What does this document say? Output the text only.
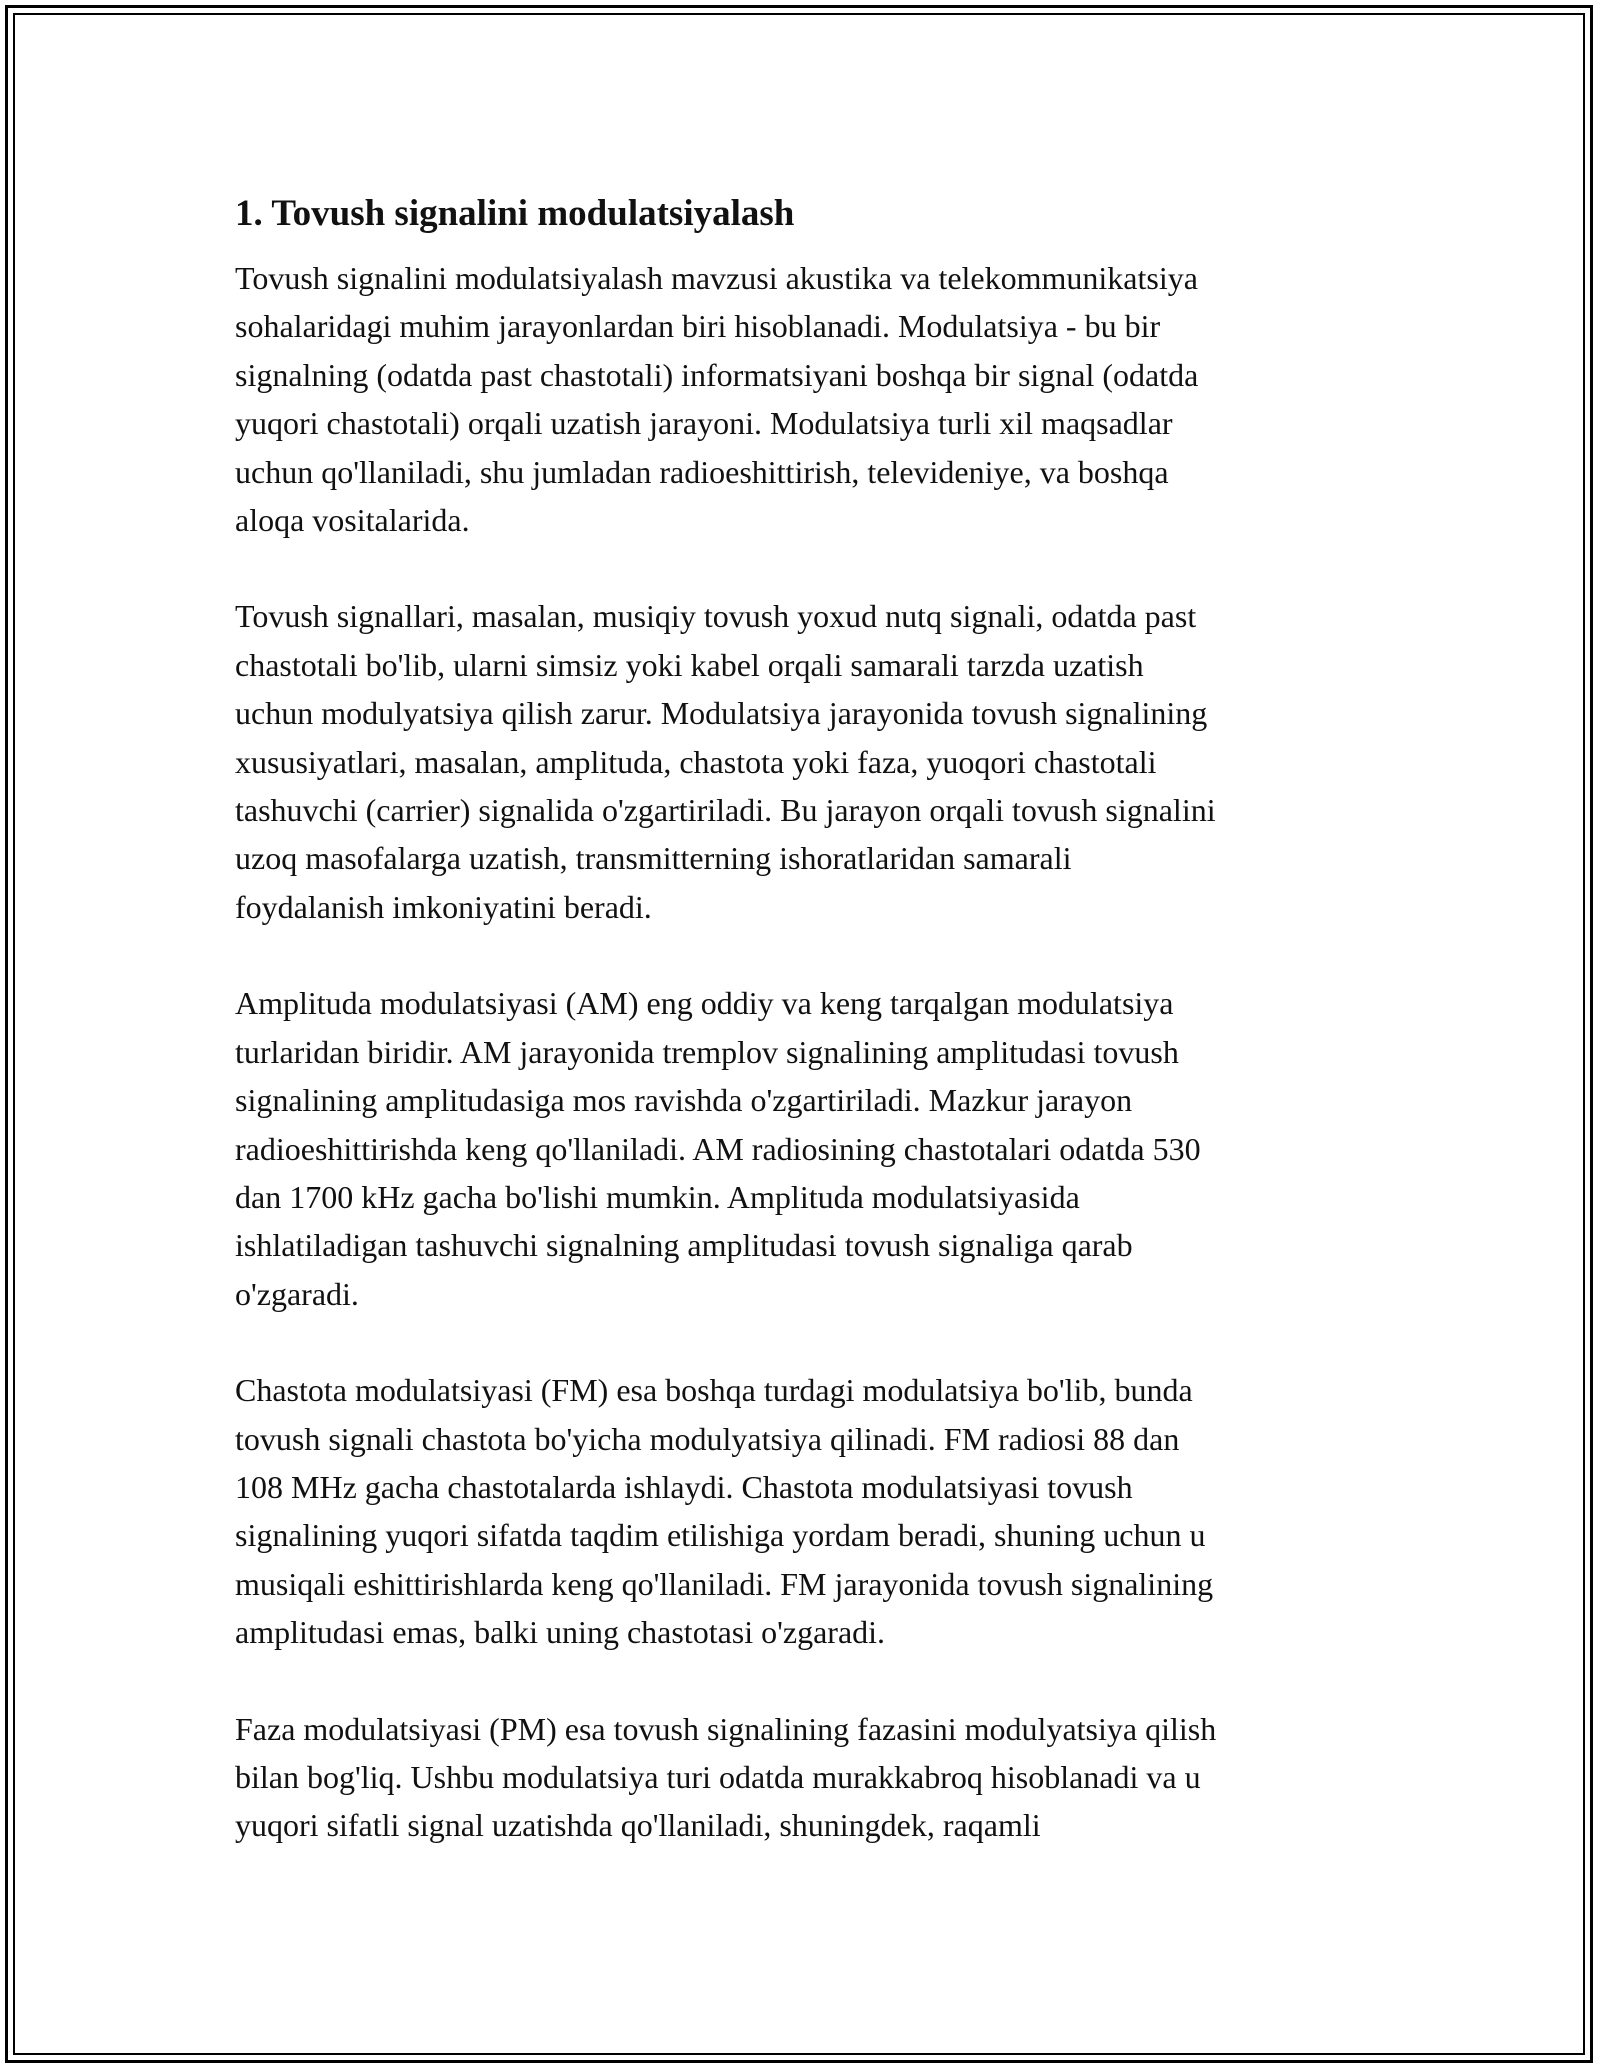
1. Tovush signalini modulatsiyalash
Tovush signalini modulatsiyalash mavzusi akustika va telekommunikatsiya
sohalaridagi muhim jarayonlardan biri hisoblanadi. Modulatsiya - bu bir
signalning (odatda past chastotali) informatsiyani boshqa bir signal (odatda
yuqori chastotali) orqali uzatish jarayoni. Modulatsiya turli xil maqsadlar
uchun qo'llaniladi, shu jumladan radioeshittirish, televideniye, va boshqa
aloqa vositalarida.
Tovush signallari, masalan, musiqiy tovush yoxud nutq signali, odatda past
chastotali bo'lib, ularni simsiz yoki kabel orqali samarali tarzda uzatish
uchun modulyatsiya qilish zarur. Modulatsiya jarayonida tovush signalining
xususiyatlari, masalan, amplituda, chastota yoki faza, yuoqori chastotali
tashuvchi (carrier) signalida o'zgartiriladi. Bu jarayon orqali tovush signalini
uzoq masofalarga uzatish, transmitterning ishoratlaridan samarali
foydalanish imkoniyatini beradi.
Amplituda modulatsiyasi (AM) eng oddiy va keng tarqalgan modulatsiya
turlaridan biridir. AM jarayonida tremplov signalining amplitudasi tovush
signalining amplitudasiga mos ravishda o'zgartiriladi. Mazkur jarayon
radioeshittirishda keng qo'llaniladi. AM radiosining chastotalari odatda 530
dan 1700 kHz gacha bo'lishi mumkin. Amplituda modulatsiyasida
ishlatiladigan tashuvchi signalning amplitudasi tovush signaliga qarab
o'zgaradi.
Chastota modulatsiyasi (FM) esa boshqa turdagi modulatsiya bo'lib, bunda
tovush signali chastota bo'yicha modulyatsiya qilinadi. FM radiosi 88 dan
108 MHz gacha chastotalarda ishlaydi. Chastota modulatsiyasi tovush
signalining yuqori sifatda taqdim etilishiga yordam beradi, shuning uchun u
musiqali eshittirishlarda keng qo'llaniladi. FM jarayonida tovush signalining
amplitudasi emas, balki uning chastotasi o'zgaradi.
Faza modulatsiyasi (PM) esa tovush signalining fazasini modulyatsiya qilish
bilan bog'liq. Ushbu modulatsiya turi odatda murakkabroq hisoblanadi va u
yuqori sifatli signal uzatishda qo'llaniladi, shuningdek, raqamli
